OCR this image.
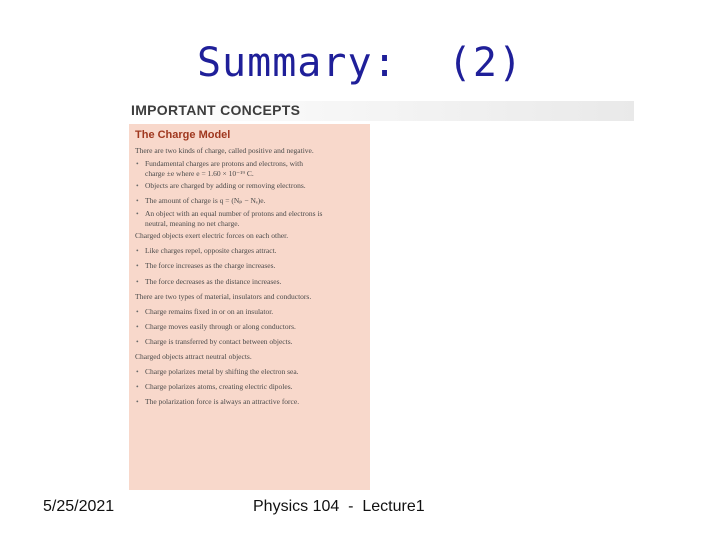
Summary:  (2)
IMPORTANT CONCEPTS
The Charge Model
There are two kinds of charge, called positive and negative.
• Fundamental charges are protons and electrons, with
charge ±e where e = 1.60 × 10⁻¹⁹ C.
• Objects are charged by adding or removing electrons.
• The amount of charge is q = (Nₚ − Nₑ)e.
• An object with an equal number of protons and electrons is
neutral, meaning no net charge.
Charged objects exert electric forces on each other.
• Like charges repel, opposite charges attract.
• The force increases as the charge increases.
• The force decreases as the distance increases.
There are two types of material, insulators and conductors.
• Charge remains fixed in or on an insulator.
• Charge moves easily through or along conductors.
• Charge is transferred by contact between objects.
Charged objects attract neutral objects.
• Charge polarizes metal by shifting the electron sea.
• Charge polarizes atoms, creating electric dipoles.
• The polarization force is always an attractive force.
5/25/2021	Physics 104  -  Lecture1
